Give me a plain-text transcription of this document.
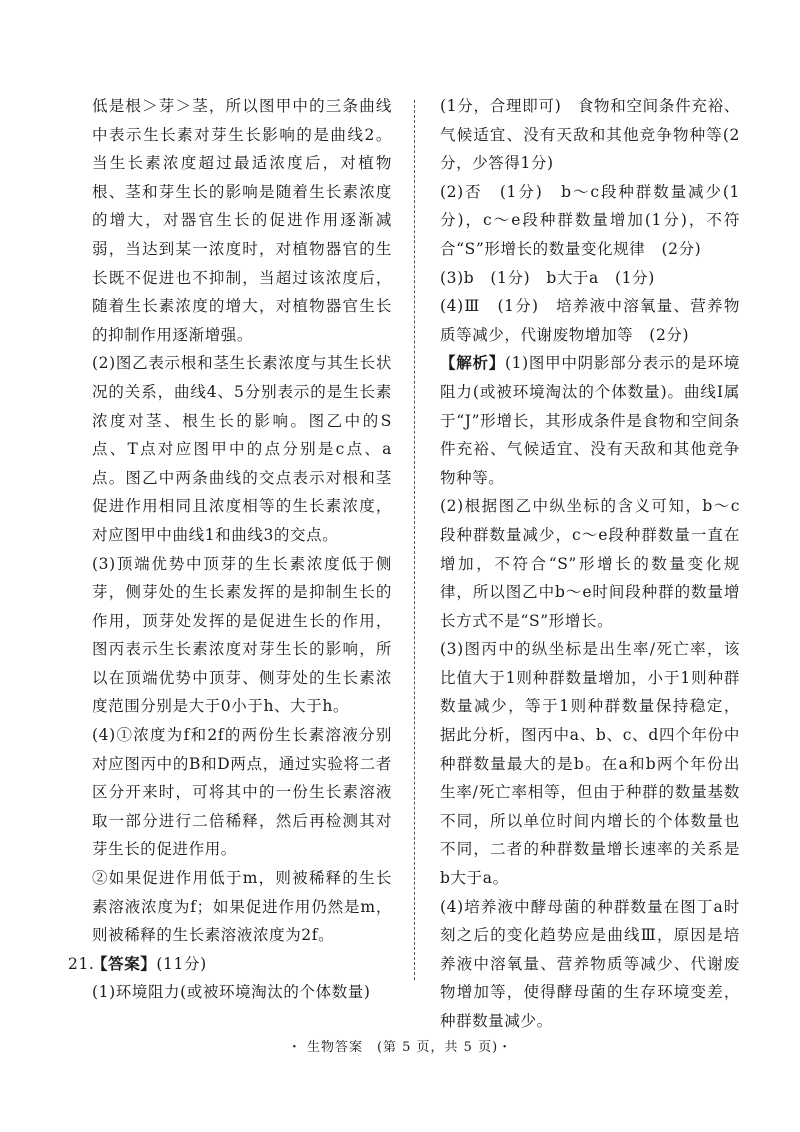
低是根＞芽＞茎，所以图甲中的三条曲线中表示生长素对芽生长影响的是曲线2。当生长素浓度超过最适浓度后，对植物根、茎和芽生长的影响是随着生长素浓度的增大，对器官生长的促进作用逐渐减弱，当达到某一浓度时，对植物器官的生长既不促进也不抑制，当超过该浓度后，随着生长素浓度的增大，对植物器官生长的抑制作用逐渐增强。

(2)图乙表示根和茎生长素浓度与其生长状况的关系，曲线4、5分别表示的是生长素浓度对茎、根生长的影响。图乙中的S点、T点对应图甲中的点分别是c点、a点。图乙中两条曲线的交点表示对根和茎促进作用相同且浓度相等的生长素浓度，对应图甲中曲线1和曲线3的交点。

(3)顶端优势中顶芽的生长素浓度低于侧芽，侧芽处的生长素发挥的是抑制生长的作用，顶芽处发挥的是促进生长的作用，图丙表示生长素浓度对芽生长的影响，所以在顶端优势中顶芽、侧芽处的生长素浓度范围分别是大于0小于h、大于h。

(4)①浓度为f和2f的两份生长素溶液分别对应图丙中的B和D两点，通过实验将二者区分开来时，可将其中的一份生长素溶液取一部分进行二倍稀释，然后再检测其对芽生长的促进作用。

②如果促进作用低于m，则被稀释的生长素溶液浓度为f；如果促进作用仍然是m，则被稀释的生长素溶液浓度为2f。

21.
【答案】(11分)

(1)环境阻力(或被环境淘汰的个体数量)

(1分，合理即可)　食物和空间条件充裕、气候适宜、没有天敌和其他竞争物种等(2分，少答得1分)

(2)否　(1分)　b～c段种群数量减少(1分)，c～e段种群数量增加(1分)，不符合“S”形增长的数量变化规律　(2分)

(3)b　(1分)　b大于a　(1分)

(4)Ⅲ　(1分)　培养液中溶氧量、营养物质等减少，代谢废物增加等　(2分)

【解析】(1)图甲中阴影部分表示的是环境阻力(或被环境淘汰的个体数量)。曲线Ⅰ属于“J”形增长，其形成条件是食物和空间条件充裕、气候适宜、没有天敌和其他竞争物种等。

(2)根据图乙中纵坐标的含义可知，b～c段种群数量减少，c～e段种群数量一直在增加，不符合“S”形增长的数量变化规律，所以图乙中b～e时间段种群的数量增长方式不是“S”形增长。

(3)图丙中的纵坐标是出生率/死亡率，该比值大于1则种群数量增加，小于1则种群数量减少，等于1则种群数量保持稳定，据此分析，图丙中a、b、c、d四个年份中种群数量最大的是b。在a和b两个年份出生率/死亡率相等，但由于种群的数量基数不同，所以单位时间内增长的个体数量也不同，二者的种群数量增长速率的关系是b大于a。

(4)培养液中酵母菌的种群数量在图丁a时刻之后的变化趋势应是曲线Ⅲ，原因是培养液中溶氧量、营养物质等减少、代谢废物增加等，使得酵母菌的生存环境变差，种群数量减少。

・ 生物答案　(第 5 页，共 5 页)・
